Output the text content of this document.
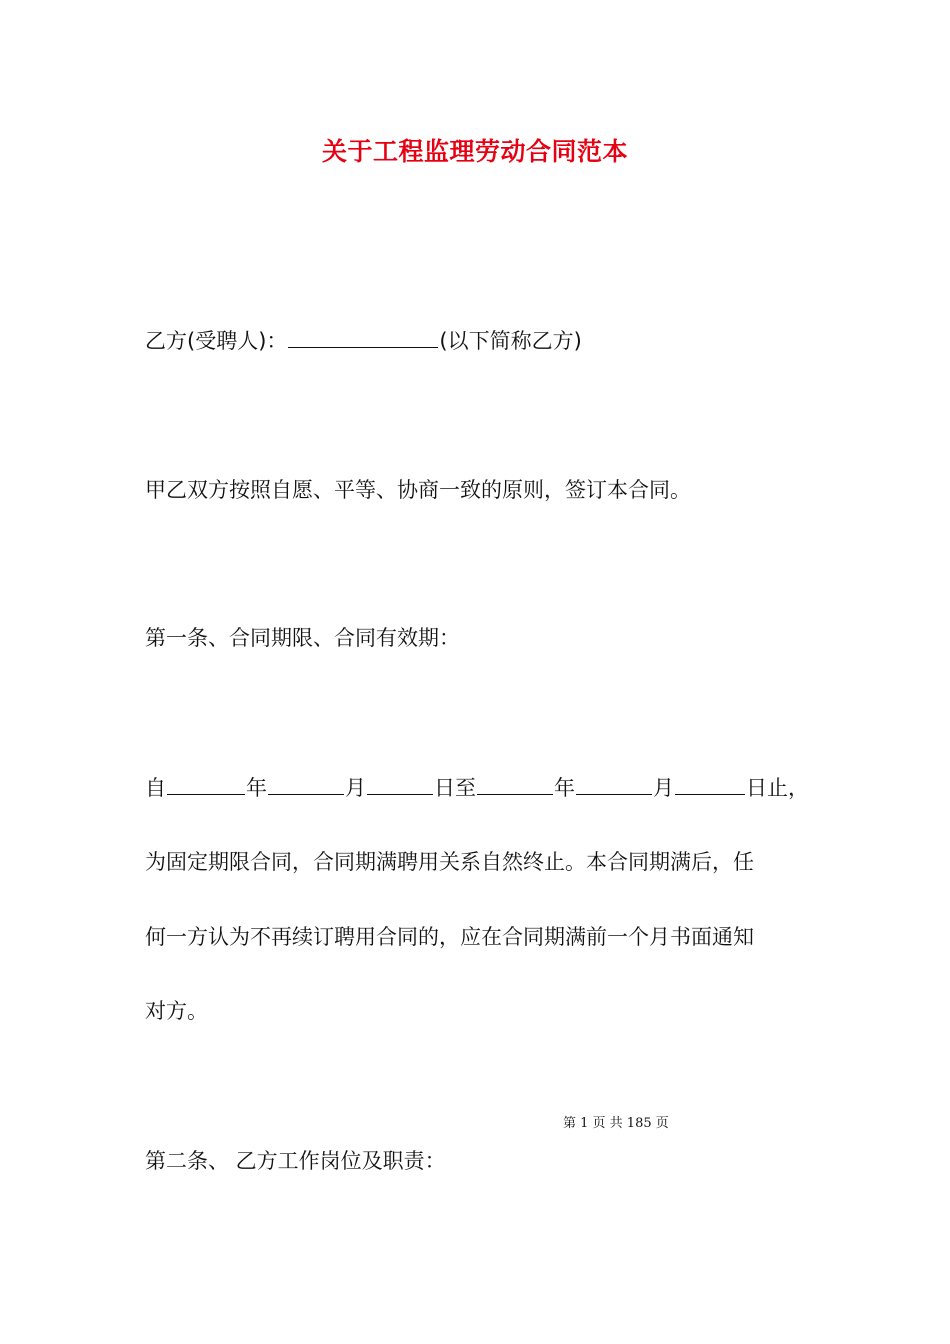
关于工程监理劳动合同范本
乙方(受聘人)：	(以下简称乙方)
甲乙双方按照自愿、平等、协商一致的原则，签订本合同。
第一条、合同期限、合同有效期：
自	年	月	日至	年	月	日止，
为固定期限合同，合同期满聘用关系自然终止。本合同期满后，任
何一方认为不再续订聘用合同的，应在合同期满前一个月书面通知
对方。
第 1 页 共 185 页
第二条、 乙方工作岗位及职责：
